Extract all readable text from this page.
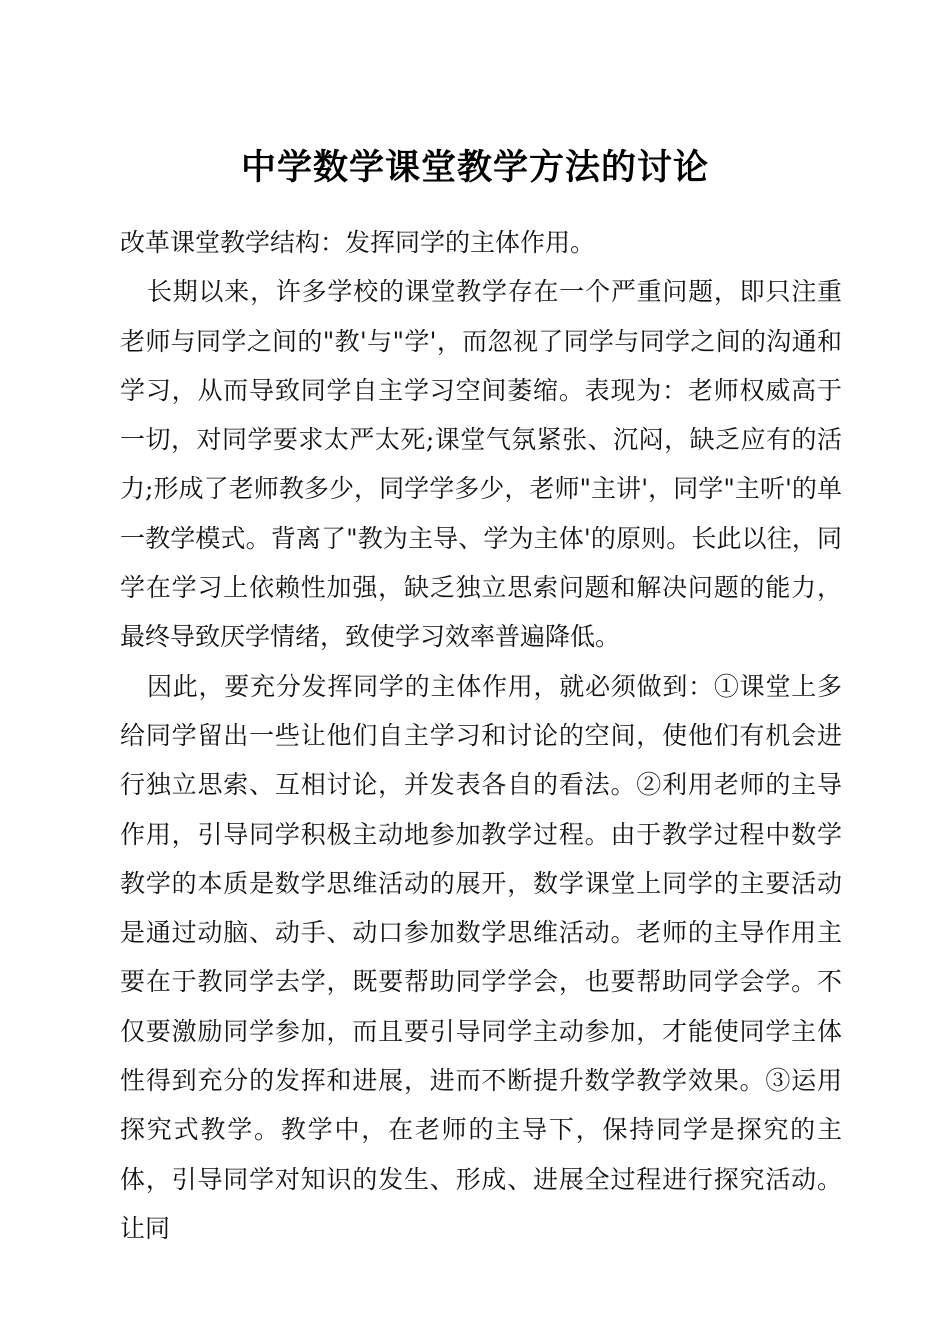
中学数学课堂教学方法的讨论

改革课堂教学结构：发挥同学的主体作用。

长期以来，许多学校的课堂教学存在一个严重问题，即只注重老师与同学之间的"教'与"学'，而忽视了同学与同学之间的沟通和学习，从而导致同学自主学习空间萎缩。表现为：老师权威高于一切，对同学要求太严太死;课堂气氛紧张、沉闷，缺乏应有的活力;形成了老师教多少，同学学多少，老师"主讲'，同学"主听'的单一教学模式。背离了"教为主导、学为主体'的原则。长此以往，同学在学习上依赖性加强，缺乏独立思索问题和解决问题的能力，最终导致厌学情绪，致使学习效率普遍降低。

因此，要充分发挥同学的主体作用，就必须做到：①课堂上多给同学留出一些让他们自主学习和讨论的空间，使他们有机会进行独立思索、互相讨论，并发表各自的看法。②利用老师的主导作用，引导同学积极主动地参加教学过程。由于教学过程中数学教学的本质是数学思维活动的展开，数学课堂上同学的主要活动是通过动脑、动手、动口参加数学思维活动。老师的主导作用主要在于教同学去学，既要帮助同学学会，也要帮助同学会学。不仅要激励同学参加，而且要引导同学主动参加，才能使同学主体性得到充分的发挥和进展，进而不断提升数学教学效果。③运用探究式教学。教学中，在老师的主导下，保持同学是探究的主体，引导同学对知识的发生、形成、进展全过程进行探究活动。让同
